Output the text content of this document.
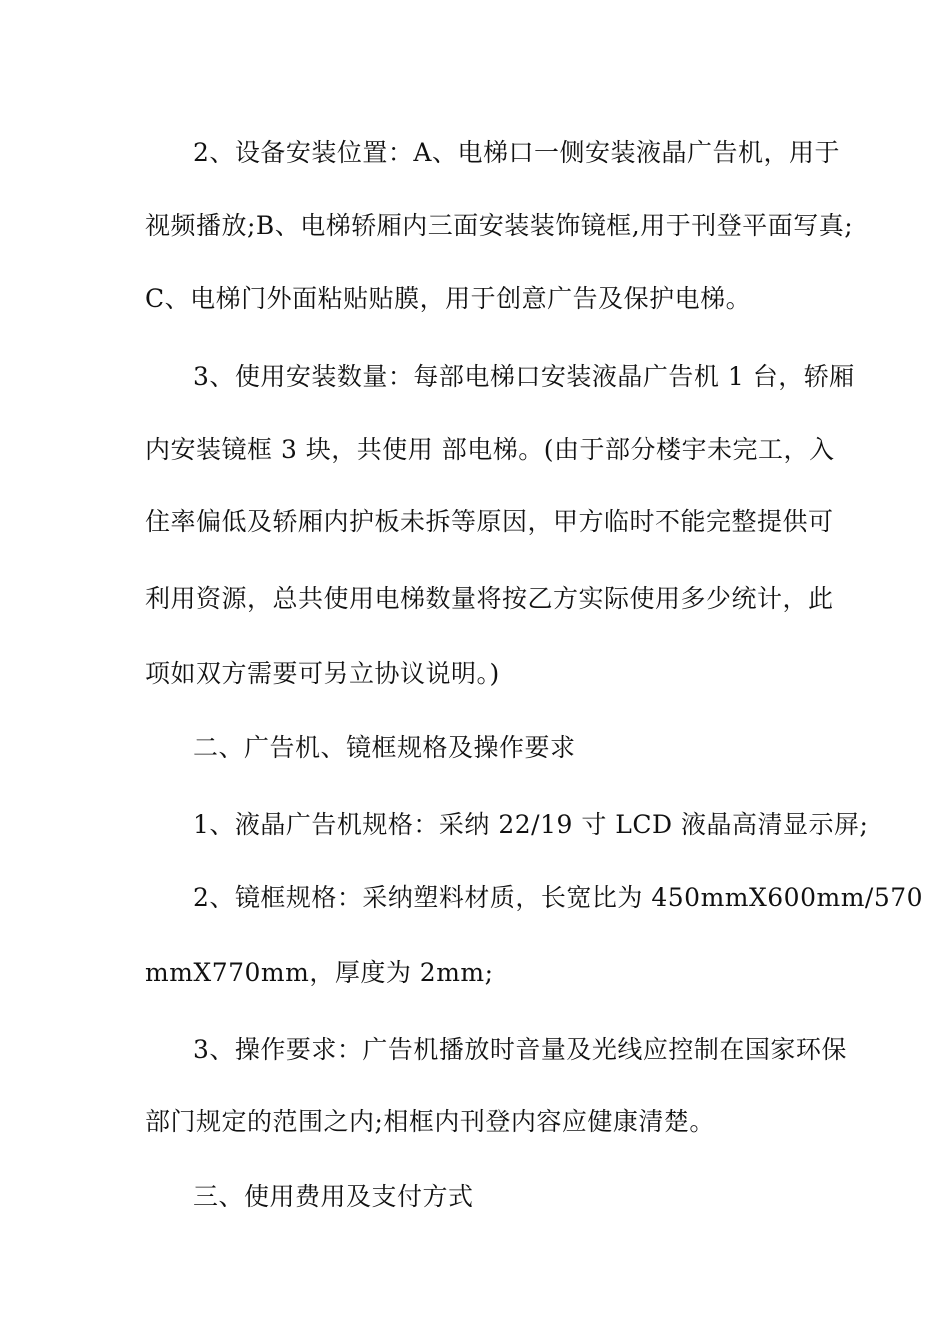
2、设备安装位置：A、电梯口一侧安装液晶广告机，用于
视频播放;B、电梯轿厢内三面安装装饰镜框,用于刊登平面写真;
C、电梯门外面粘贴贴膜，用于创意广告及保护电梯。
3、使用安装数量：每部电梯口安装液晶广告机 1 台，轿厢
内安装镜框 3 块，共使用 部电梯。(由于部分楼宇未完工，入
住率偏低及轿厢内护板未拆等原因，甲方临时不能完整提供可
利用资源，总共使用电梯数量将按乙方实际使用多少统计，此
项如双方需要可另立协议说明。)
二、广告机、镜框规格及操作要求
1、液晶广告机规格：采纳 22/19 寸 LCD 液晶高清显示屏;
2、镜框规格：采纳塑料材质，长宽比为 450mmX600mm/570
mmX770mm，厚度为 2mm;
3、操作要求：广告机播放时音量及光线应控制在国家环保
部门规定的范围之内;相框内刊登内容应健康清楚。
三、使用费用及支付方式
